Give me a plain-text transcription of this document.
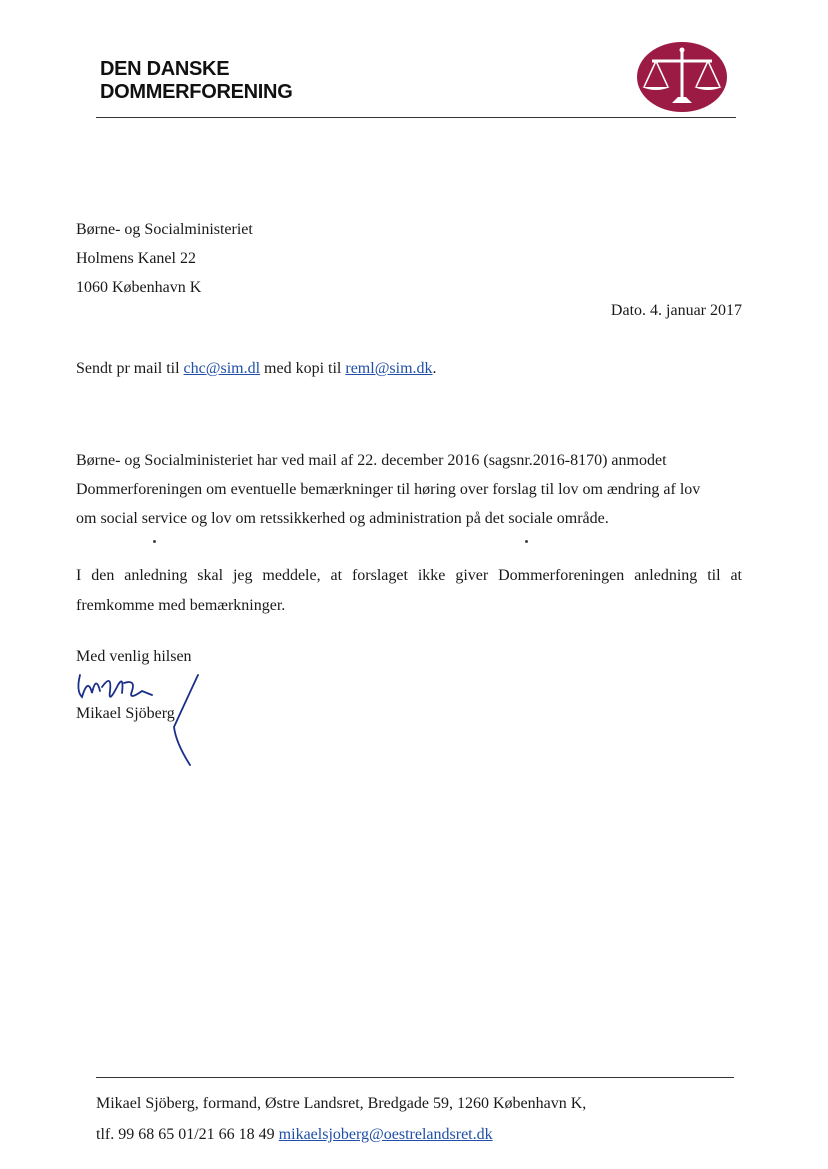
DEN DANSKE
DOMMERFORENING
Børne- og Socialministeriet
Holmens Kanel 22
1060 København K
Dato. 4. januar 2017
Sendt pr mail til chc@sim.dl med kopi til reml@sim.dk.
Børne- og Socialministeriet har ved mail af 22. december 2016 (sagsnr.2016-8170) anmodet
Dommerforeningen om eventuelle bemærkninger til høring over forslag til lov om ændring af lov
om social service og lov om retssikkerhed og administration på det sociale område.
I den anledning skal jeg meddele, at forslaget ikke giver Dommerforeningen anledning til at
fremkomme med bemærkninger.
Med venlig hilsen
Mikael Sjöberg
Mikael Sjöberg, formand, Østre Landsret, Bredgade 59, 1260 København K,
tlf. 99 68 65 01/21 66 18 49 mikaelsjoberg@oestrelandsret.dk
